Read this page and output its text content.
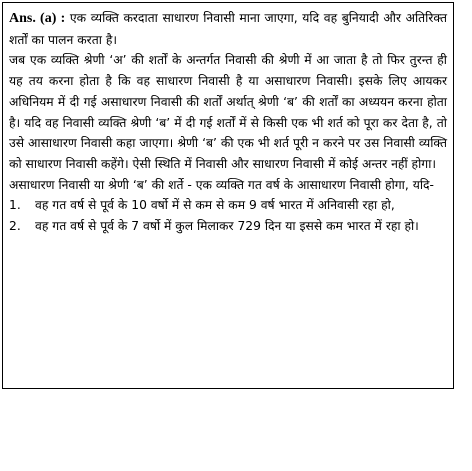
Ans. (a) : एक व्यक्ति करदाता साधारण निवासी माना जाएगा, यदि वह बुनियादी और अतिरिक्त शर्तों का पालन करता है।

जब एक व्यक्ति श्रेणी ‘अ’ की शर्तों के अन्तर्गत निवासी की श्रेणी में आ जाता है तो फिर तुरन्त ही यह तय करना होता है कि वह साधारण निवासी है या असाधारण निवासी। इसके लिए आयकर अधिनियम में दी गई असाधारण निवासी की शर्तों अर्थात् श्रेणी ‘ब’ की शर्तों का अध्ययन करना होता है। यदि वह निवासी व्यक्ति श्रेणी ‘ब’ में दी गई शर्तों में से किसी एक भी शर्त को पूरा कर देता है, तो उसे आसाधारण निवासी कहा जाएगा। श्रेणी ‘ब’ की एक भी शर्त पूरी न करने पर उस निवासी व्यक्ति को साधारण निवासी कहेंगे। ऐसी स्थिति में निवासी और साधारण निवासी में कोई अन्तर नहीं होगा।

असाधारण निवासी या श्रेणी ‘ब’ की शर्ते - एक व्यक्ति गत वर्ष के आसाधारण निवासी होगा, यदि-

1.	वह गत वर्ष से पूर्व के 10 वर्षो में से कम से कम 9 वर्ष भारत में अनिवासी रहा हो,
2.	वह गत वर्ष से पूर्व के 7 वर्षो में कुल मिलाकर 729 दिन या इससे कम भारत में रहा हो।
